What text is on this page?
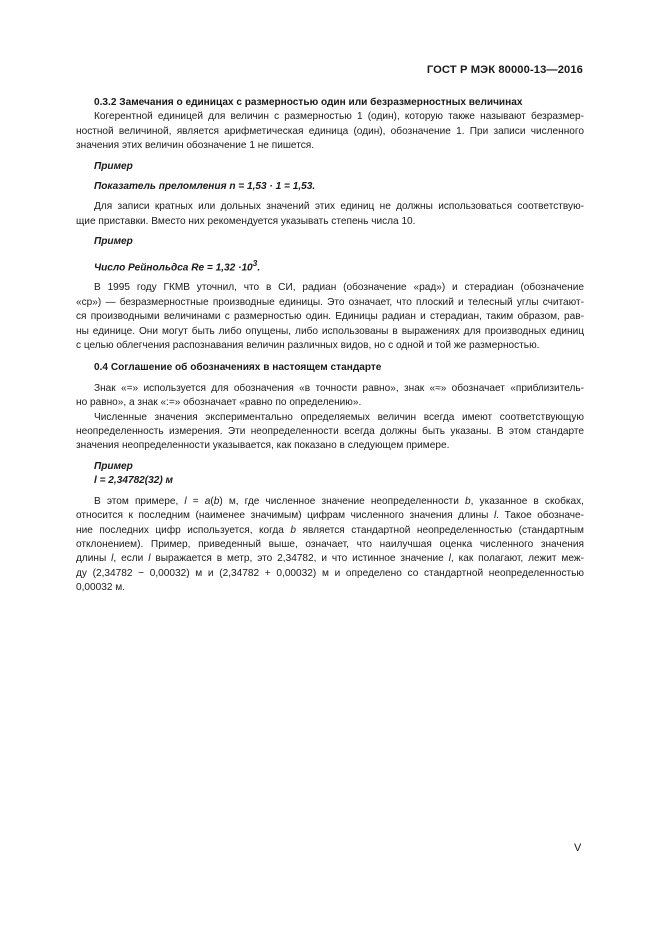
ГОСТ Р МЭК 80000-13—2016

0.3.2 Замечания о единицах с размерностью один или безразмерностных величинах

Когерентной единицей для величин с размерностью 1 (один), которую также называют безразмер-

ностной величиной, является арифметическая единица (один), обозначение 1. При записи численного

значения этих величин обозначение 1 не пишется.

Пример

Показатель преломления n = 1,53 · 1 = 1,53.

Для записи кратных или дольных значений этих единиц не должны использоваться соответствую-

щие приставки. Вместо них рекомендуется указывать степень числа 10.

Пример

Число Рейнольдса $Re = 1,32 \cdot 10^3$.

В 1995 году ГКМВ уточнил, что в СИ, радиан (обозначение «рад») и стерадиан (обозначение

«ср») — безразмерностные производные единицы. Это означает, что плоский и телесный углы считают-

ся производными величинами с размерностью один. Единицы радиан и стерадиан, таким образом, рав-

ны единице. Они могут быть либо опущены, либо использованы в выражениях для производных единиц

с целью облегчения распознавания величин различных видов, но с одной и той же размерностью.

0.4 Соглашение об обозначениях в настоящем стандарте

Знак «=» используется для обозначения «в точности равно», знак «≈» обозначает «приблизитель-

но равно», а знак «:=» обозначает «равно по определению».

Численные значения экспериментально определяемых величин всегда имеют соответствующую

неопределенность измерения. Эти неопределенности всегда должны быть указаны. В этом стандарте

значения неопределенности указывается, как показано в следующем примере.

Пример

l = 2,34782(32) м

В этом примере, l = a(b) м, где численное значение неопределенности b, указанное в скобках,

относится к последним (наименее значимым) цифрам численного значения длины l. Такое обозначе-

ние последних цифр используется, когда b является стандартной неопределенностью (стандартным

отклонением). Пример, приведенный выше, означает, что наилучшая оценка численного значения

длины l, если l выражается в метр, это 2,34782, и что истинное значение l, как полагают, лежит меж-

ду (2,34782 − 0,00032) м и (2,34782 + 0,00032) м и определено со стандартной неопределенностью

0,00032 м.

V
